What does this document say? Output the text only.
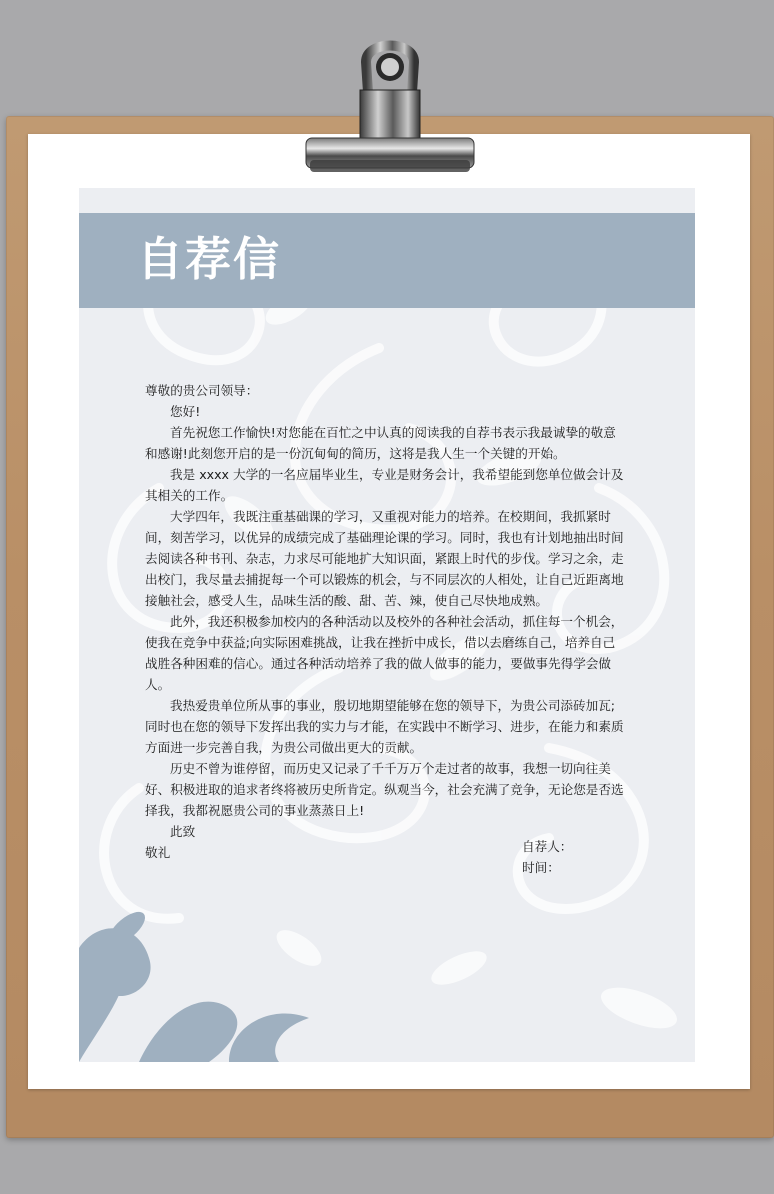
自荐信

尊敬的贵公司领导：

您好!

首先祝您工作愉快!对您能在百忙之中认真的阅读我的自荐书表示我最诚挚的敬意和感谢!此刻您开启的是一份沉甸甸的简历，这将是我人生一个关键的开始。

我是 xxxx 大学的一名应届毕业生，专业是财务会计，我希望能到您单位做会计及其相关的工作。

大学四年，我既注重基础课的学习，又重视对能力的培养。在校期间，我抓紧时间，刻苦学习，以优异的成绩完成了基础理论课的学习。同时，我也有计划地抽出时间去阅读各种书刊、杂志，力求尽可能地扩大知识面，紧跟上时代的步伐。学习之余，走出校门，我尽量去捕捉每一个可以锻炼的机会，与不同层次的人相处，让自己近距离地接触社会，感受人生，品味生活的酸、甜、苦、辣，使自己尽快地成熟。

此外，我还积极参加校内的各种活动以及校外的各种社会活动，抓住每一个机会，使我在竞争中获益;向实际困难挑战，让我在挫折中成长，借以去磨练自己，培养自己战胜各种困难的信心。通过各种活动培养了我的做人做事的能力，要做事先得学会做人。

我热爱贵单位所从事的事业，殷切地期望能够在您的领导下，为贵公司添砖加瓦;同时也在您的领导下发挥出我的实力与才能，在实践中不断学习、进步，在能力和素质方面进一步完善自我，为贵公司做出更大的贡献。

历史不曾为谁停留，而历史又记录了千千万万个走过者的故事，我想一切向往美好、积极进取的追求者终将被历史所肯定。纵观当今，社会充满了竞争，无论您是否选择我，我都祝愿贵公司的事业蒸蒸日上!

此致

敬礼	自荐人：
时间：
